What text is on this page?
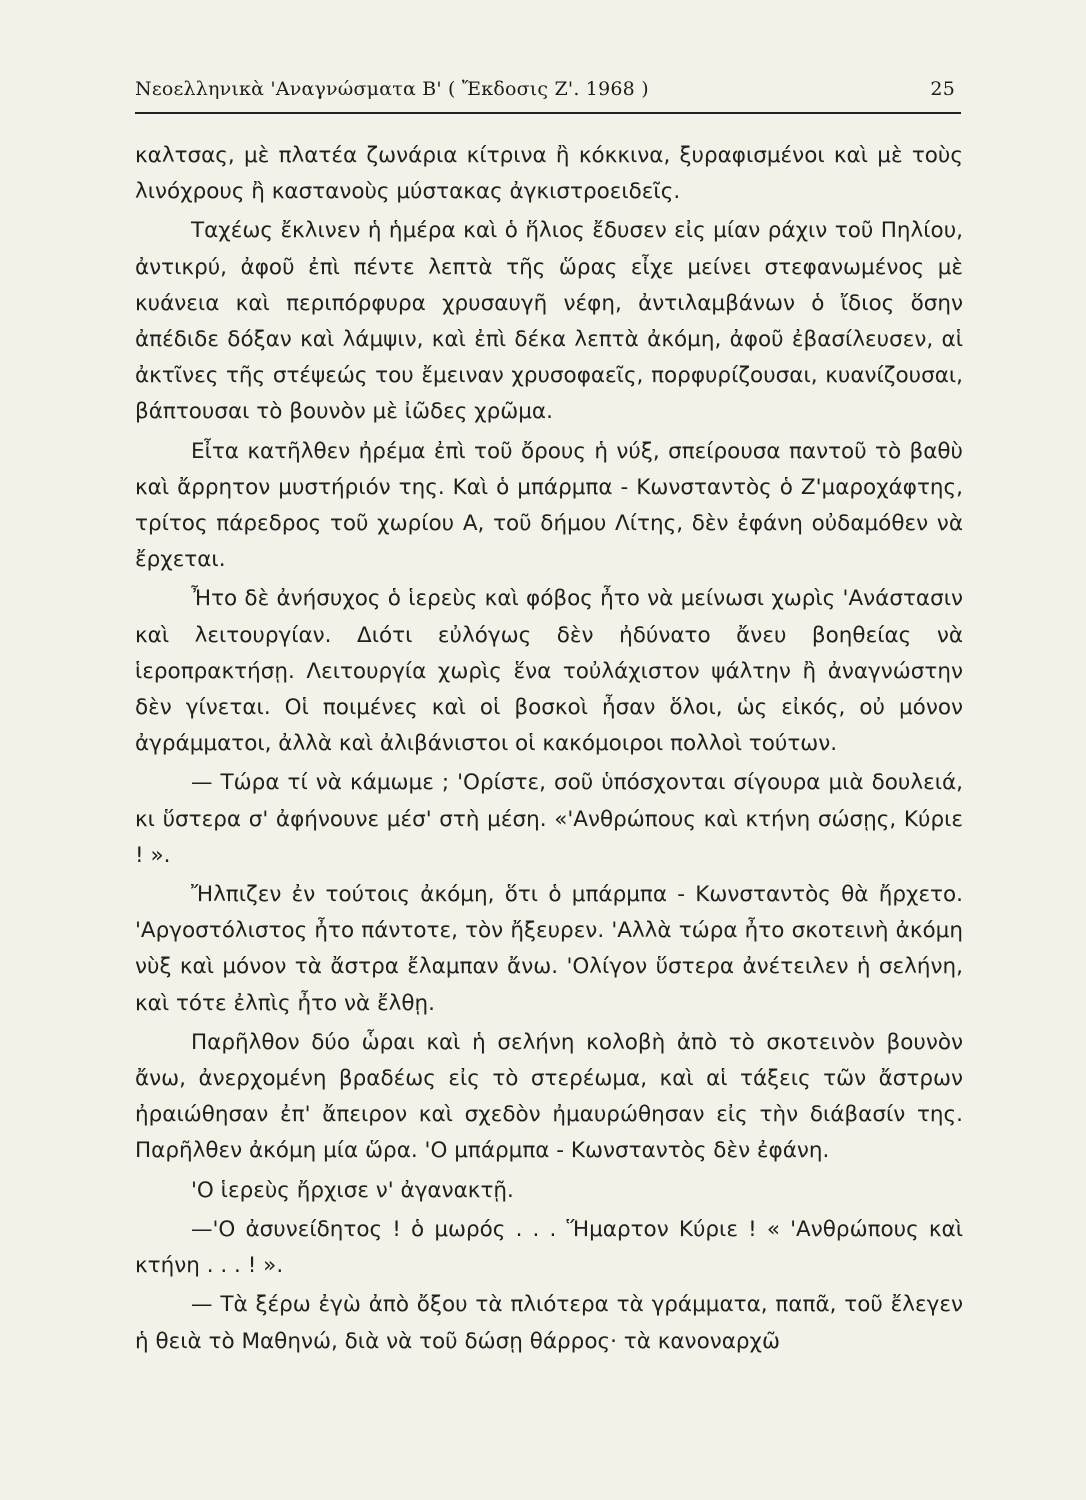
Νεοελληνικὰ 'Αναγνώσματα Β' ( Ἔκδοσις Ζ'. 1968 )	25

καλτσας, μὲ πλατέα ζωνάρια κίτρινα ἢ κόκκινα, ξυραφισμένοι καὶ μὲ τοὺς λινόχρους ἢ καστανοὺς μύστακας ἀγκιστροειδεῖς.

Ταχέως ἔκλινεν ἡ ἡμέρα καὶ ὁ ἥλιος ἔδυσεν εἰς μίαν ράχιν τοῦ Πηλίου, ἀντικρύ, ἀφοῦ ἐπὶ πέντε λεπτὰ τῆς ὥρας εἶχε μείνει στεφανωμένος μὲ κυάνεια καὶ περιπόρφυρα χρυσαυγῆ νέφη, ἀντιλαμβάνων ὁ ἴδιος ὅσην ἀπέδιδε δόξαν καὶ λάμψιν, καὶ ἐπὶ δέκα λεπτὰ ἀκόμη, ἀφοῦ ἐβασίλευσεν, αἱ ἀκτῖνες τῆς στέψεώς του ἔμειναν χρυσοφαεῖς, πορφυρίζουσαι, κυανίζουσαι, βάπτουσαι τὸ βουνὸν μὲ ἰῶδες χρῶμα.

Εἶτα κατῆλθεν ἠρέμα ἐπὶ τοῦ ὄρους ἡ νύξ, σπείρουσα παντοῦ τὸ βαθὺ καὶ ἄρρητον μυστήριόν της. Καὶ ὁ μπάρμπα - Κωνσταντὸς ὁ Ζ'μαροχάφτης, τρίτος πάρεδρος τοῦ χωρίου Α, τοῦ δήμου Λίτης, δὲν ἐφάνη οὐδαμόθεν νὰ ἔρχεται.

Ἦτο δὲ ἀνήσυχος ὁ ἱερεὺς καὶ φόβος ἦτο νὰ μείνωσι χωρὶς 'Ανάστασιν καὶ λειτουργίαν. Διότι εὐλόγως δὲν ἠδύνατο ἄνευ βοηθείας νὰ ἱεροπρακτήσῃ. Λειτουργία χωρὶς ἕνα τοὐλάχιστον ψάλτην ἢ ἀναγνώστην δὲν γίνεται. Οἱ ποιμένες καὶ οἱ βοσκοὶ ἦσαν ὅλοι, ὡς εἰκός, οὐ μόνον ἀγράμματοι, ἀλλὰ καὶ ἀλιβάνιστοι οἱ κακόμοιροι πολλοὶ τούτων.

— Τώρα τί νὰ κάμωμε ; 'Ορίστε, σοῦ ὑπόσχονται σίγουρα μιὰ δουλειά, κι ὕστερα σ' ἀφήνουνε μέσ' στὴ μέση. «'Ανθρώπους καὶ κτήνη σώσῃς, Κύριε ! ».

Ἤλπιζεν ἐν τούτοις ἀκόμη, ὅτι ὁ μπάρμπα - Κωνσταντὸς θὰ ἤρχετο. 'Αργοστόλιστος ἦτο πάντοτε, τὸν ἤξευρεν. 'Αλλὰ τώρα ἦτο σκοτεινὴ ἀκόμη νὺξ καὶ μόνον τὰ ἄστρα ἔλαμπαν ἄνω. 'Ολίγον ὕστερα ἀνέτειλεν ἡ σελήνη, καὶ τότε ἐλπὶς ἦτο νὰ ἔλθῃ.

Παρῆλθον δύο ὧραι καὶ ἡ σελήνη κολοβὴ ἀπὸ τὸ σκοτεινὸν βουνὸν ἄνω, ἀνερχομένη βραδέως εἰς τὸ στερέωμα, καὶ αἱ τάξεις τῶν ἄστρων ἠραιώθησαν ἐπ' ἄπειρον καὶ σχεδὸν ἠμαυρώθησαν εἰς τὴν διάβασίν της. Παρῆλθεν ἀκόμη μία ὥρα. 'Ο μπάρμπα - Κωνσταντὸς δὲν ἐφάνη.

'Ο ἱερεὺς ἤρχισε ν' ἀγανακτῇ.

—'Ο ἀσυνείδητος ! ὁ μωρός . . . Ἥμαρτον Κύριε ! « 'Ανθρώπους καὶ κτήνη . . . ! ».

— Τὰ ξέρω ἐγὼ ἀπὸ ὄξου τὰ πλιότερα τὰ γράμματα, παπᾶ, τοῦ ἔλεγεν ἡ θειὰ τὸ Μαθηνώ, διὰ νὰ τοῦ δώσῃ θάρρος· τὰ κανοναρχῶ
